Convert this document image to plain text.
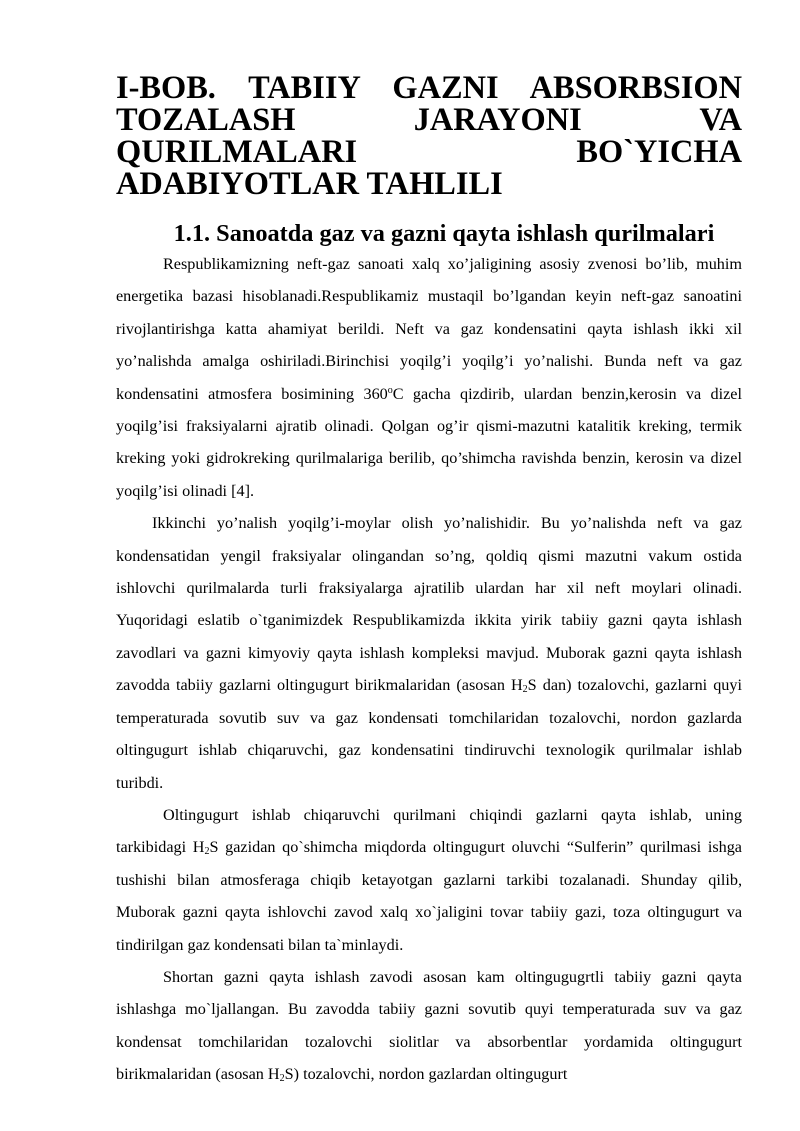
I-BOB. TABIIY GAZNI ABSORBSION TOZALASH JARAYONI VA
QURILMALARI BO`YICHA ADABIYOTLAR TAHLILI
1.1. Sanoatda gaz va gazni qayta ishlash qurilmalari

Respublikamizning neft-gaz sanoati xalq xo’jaligining asosiy zvenosi bo’lib, muhim energetika bazasi hisoblanadi.Respublikamiz mustaqil bo’lgandan keyin neft-gaz sanoatini rivojlantirishga katta ahamiyat berildi. Neft va gaz kondensatini qayta ishlash ikki xil yo’nalishda amalga oshiriladi.Birinchisi yoqilg’i yoqilg’i yo’nalishi. Bunda neft va gaz kondensatini atmosfera bosimining 360$^o$C gacha qizdirib, ulardan benzin,kerosin va dizel yoqilg’isi fraksiyalarni ajratib olinadi. Qolgan og’ir qismi-mazutni katalitik kreking, termik kreking yoki gidrokreking qurilmalariga berilib, qo’shimcha ravishda benzin, kerosin va dizel yoqilg’isi olinadi [4].

Ikkinchi yo’nalish yoqilg’i-moylar olish yo’nalishidir. Bu yo’nalishda neft va gaz kondensatidan yengil fraksiyalar olingandan so’ng, qoldiq qismi mazutni vakum ostida ishlovchi qurilmalarda turli fraksiyalarga ajratilib ulardan har xil neft moylari olinadi. Yuqoridagi eslatib o`tganimizdek Respublikamizda ikkita yirik tabiiy gazni qayta ishlash zavodlari va gazni kimyoviy qayta ishlash kompleksi mavjud. Muborak gazni qayta ishlash zavodda tabiiy gazlarni oltingugurt birikmalaridan (asosan $H_2S$ dan) tozalovchi, gazlarni quyi temperaturada sovutib suv va gaz kondensati tomchilaridan tozalovchi, nordon gazlarda oltingugurt ishlab chiqaruvchi, gaz kondensatini tindiruvchi texnologik qurilmalar ishlab turibdi.

Oltingugurt ishlab chiqaruvchi qurilmani chiqindi gazlarni qayta ishlab, uning tarkibidagi $H_2S$ gazidan qo`shimcha miqdorda oltingugurt oluvchi “Sulferin” qurilmasi ishga tushishi bilan atmosferaga chiqib ketayotgan gazlarni tarkibi tozalanadi. Shunday qilib, Muborak gazni qayta ishlovchi zavod xalq xo`jaligini tovar tabiiy gazi, toza oltingugurt va tindirilgan gaz kondensati bilan ta`minlaydi.

Shortan gazni qayta ishlash zavodi asosan kam oltingugugrtli tabiiy gazni qayta ishlashga mo`ljallangan. Bu zavodda tabiiy gazni sovutib quyi temperaturada suv va gaz kondensat tomchilaridan tozalovchi siolitlar va absorbentlar yordamida oltingugurt birikmalaridan (asosan $H_2S$) tozalovchi, nordon gazlardan oltingugurt
